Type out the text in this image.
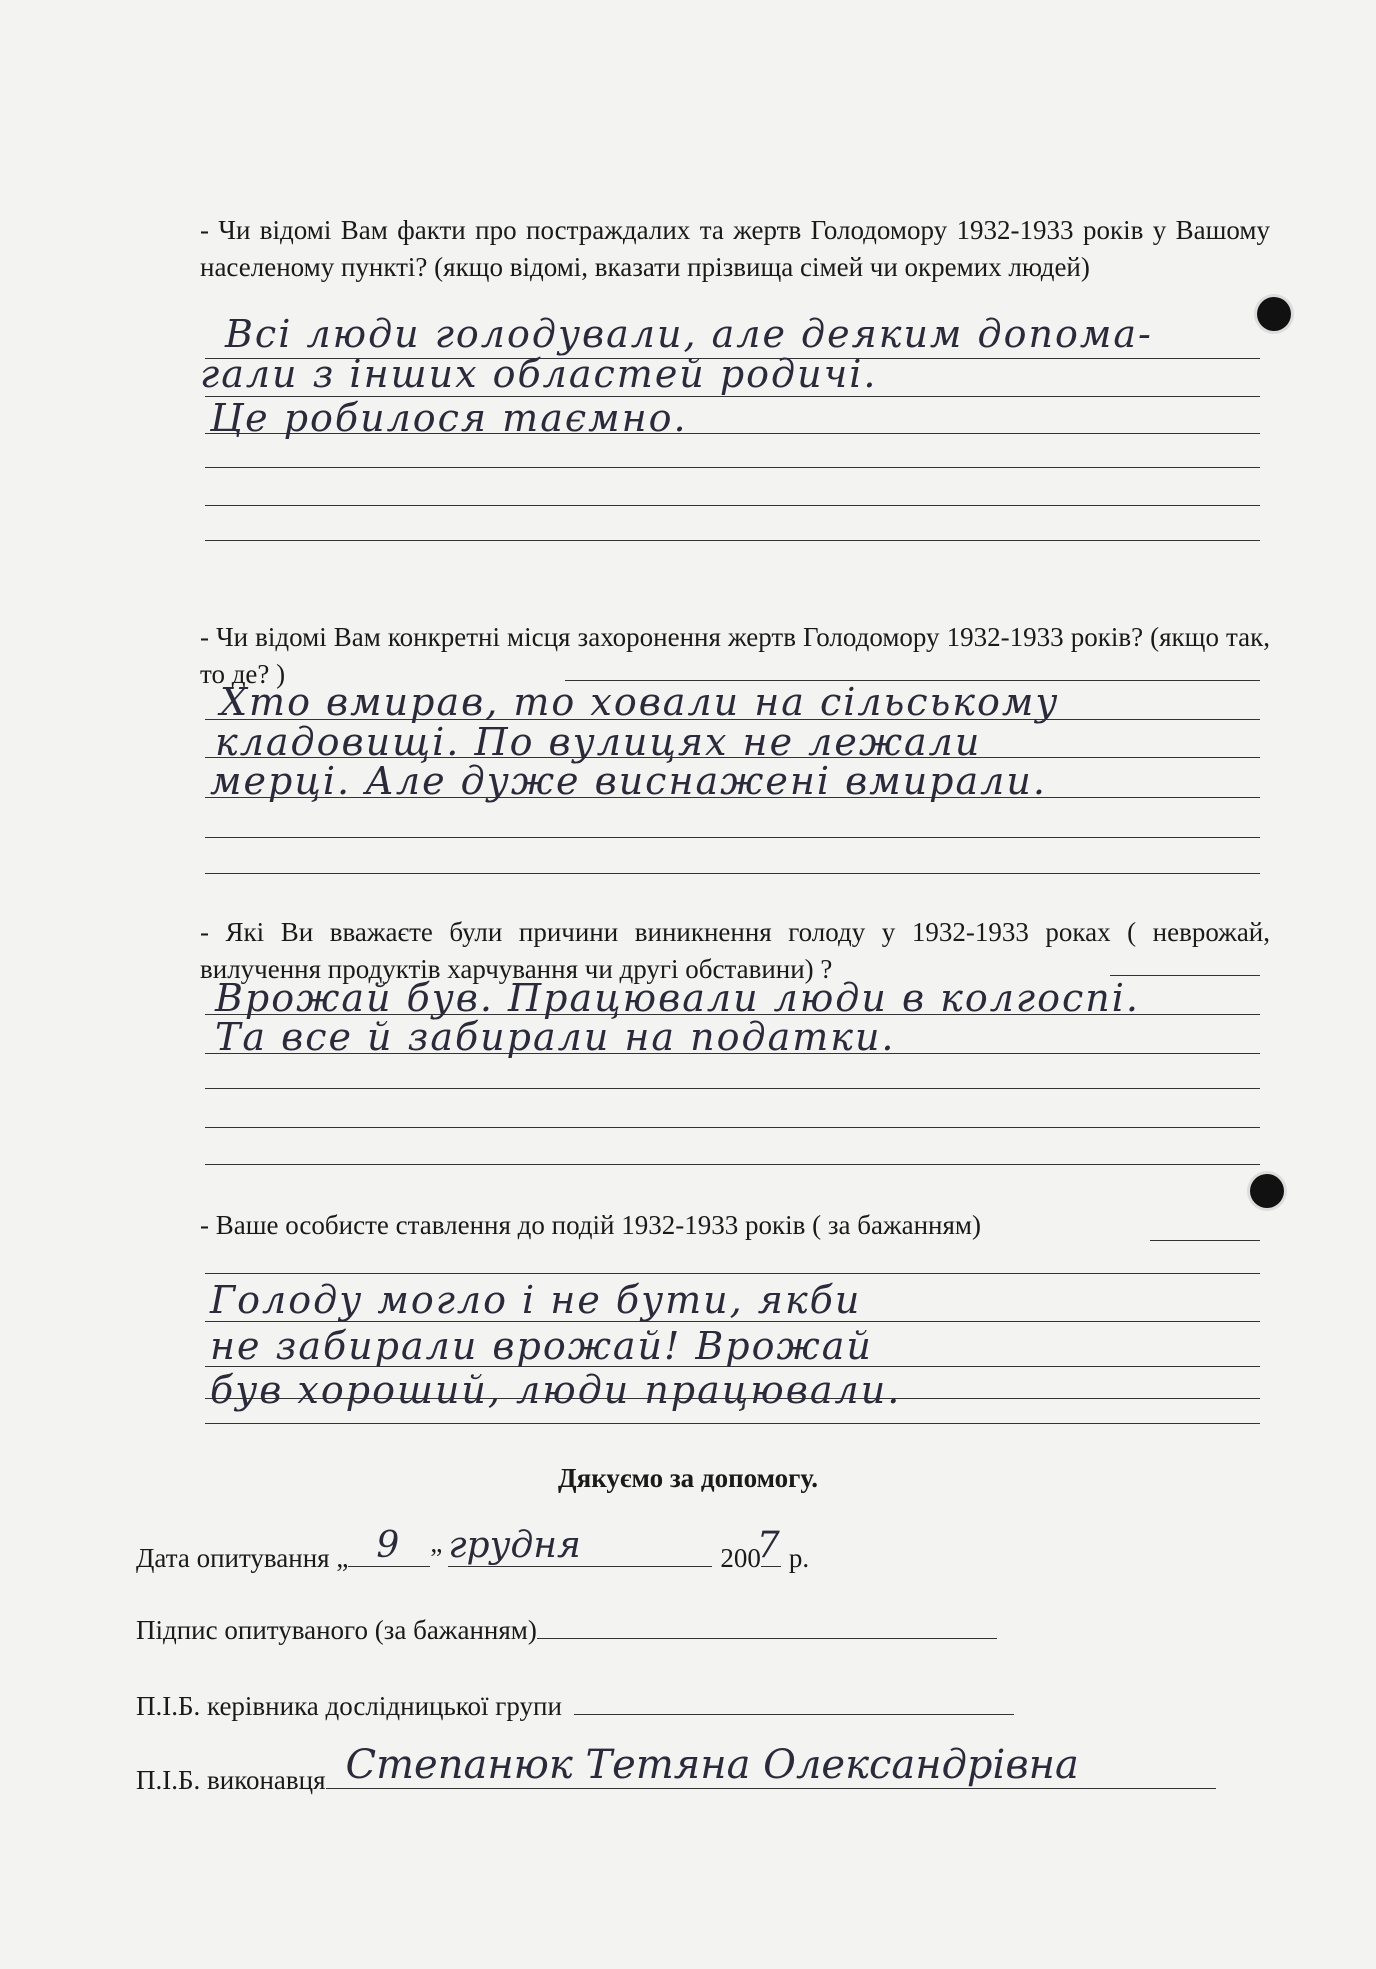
- Чи відомі Вам факти про постраждалих та жертв Голодомору 1932-1933 років у Вашому населеному пункті? (якщо відомі, вказати прізвища сімей чи окремих людей)
Всі люди голодували, але деяким допома-
гали з інших областей родичі.
Це робилося таємно.
- Чи відомі Вам конкретні місця захоронення жертв Голодомору 1932-1933 років? (якщо так, то де? )
Хто вмирав, то ховали на сільському
кладовищі. По вулицях не лежали
мерці. Але дуже виснажені вмирали.
- Які Ви вважаєте були причини виникнення голоду у 1932-1933 роках ( неврожай, вилучення продуктів харчування чи другі обставини) ?
Врожай був. Працювали люди в колгоспі.
Та все й забирали на податки.
- Ваше особисте ставлення до подій 1932-1933 років ( за бажанням)
Голоду могло і не бути, якби
не забирали врожай! Врожай
був хороший, люди працювали.
Дякуємо за допомогу.
Дата опитування „ 9 ” грудня	200
7 р.
Підпис опитуваного (за бажанням)
П.І.Б. керівника дослідницької групи
П.І.Б. виконавця Степанюк Тетяна Олександрівна
